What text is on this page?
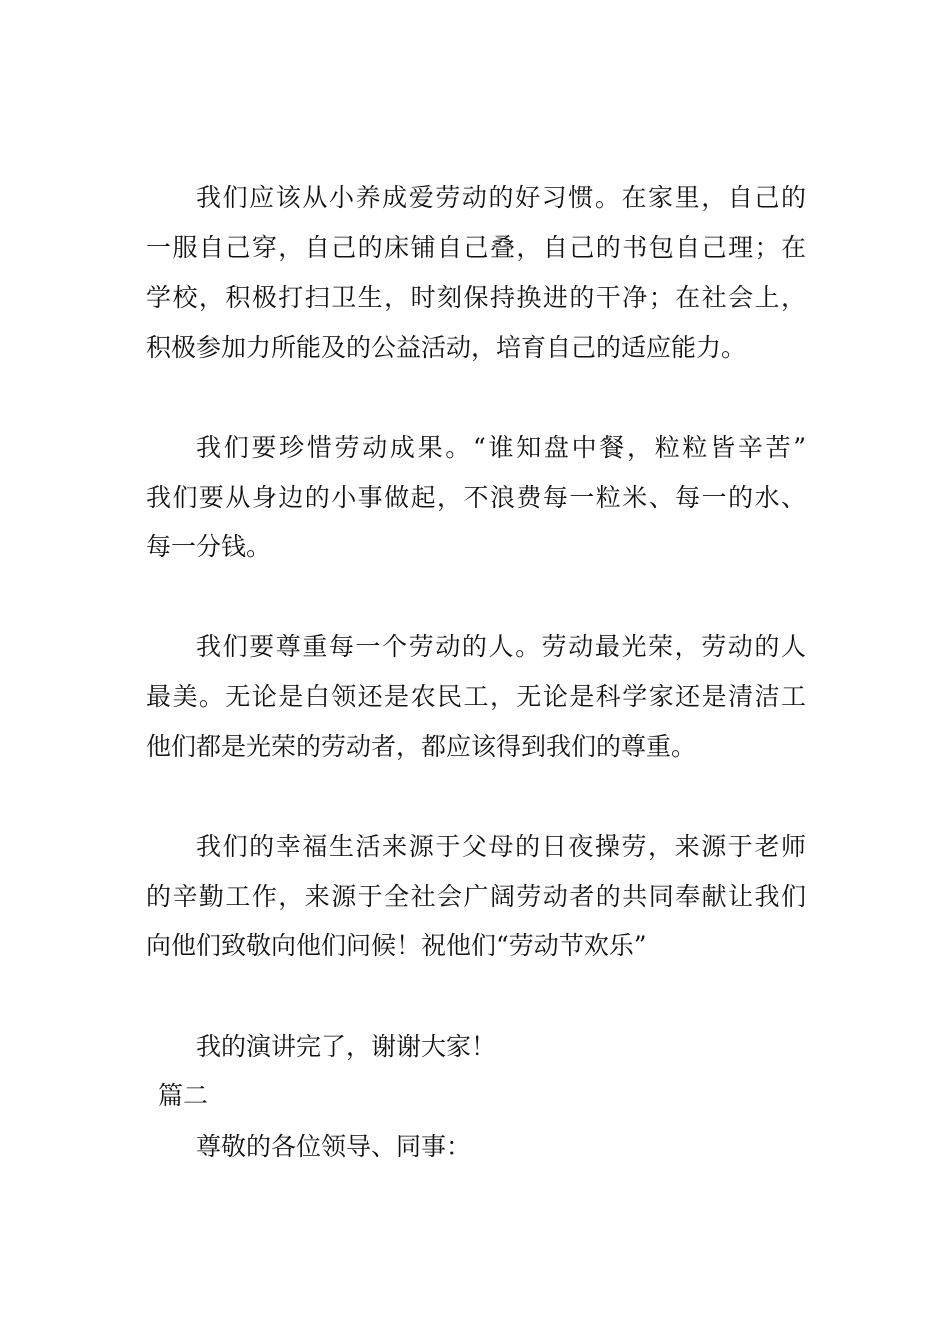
我们应该从小养成爱劳动的好习惯。在家里，自己的
一服自己穿，自己的床铺自己叠，自己的书包自己理；在
学校，积极打扫卫生，时刻保持换进的干净；在社会上，
积极参加力所能及的公益活动，培育自己的适应能力。
我们要珍惜劳动成果。“谁知盘中餐，粒粒皆辛苦”
我们要从身边的小事做起，不浪费每一粒米、每一的水、
每一分钱。
我们要尊重每一个劳动的人。劳动最光荣，劳动的人
最美。无论是白领还是农民工，无论是科学家还是清洁工
他们都是光荣的劳动者，都应该得到我们的尊重。
我们的幸福生活来源于父母的日夜操劳，来源于老师
的辛勤工作，来源于全社会广阔劳动者的共同奉献让我们
向他们致敬向他们问候！祝他们“劳动节欢乐”
我的演讲完了，谢谢大家！
篇二
尊敬的各位领导、同事：
